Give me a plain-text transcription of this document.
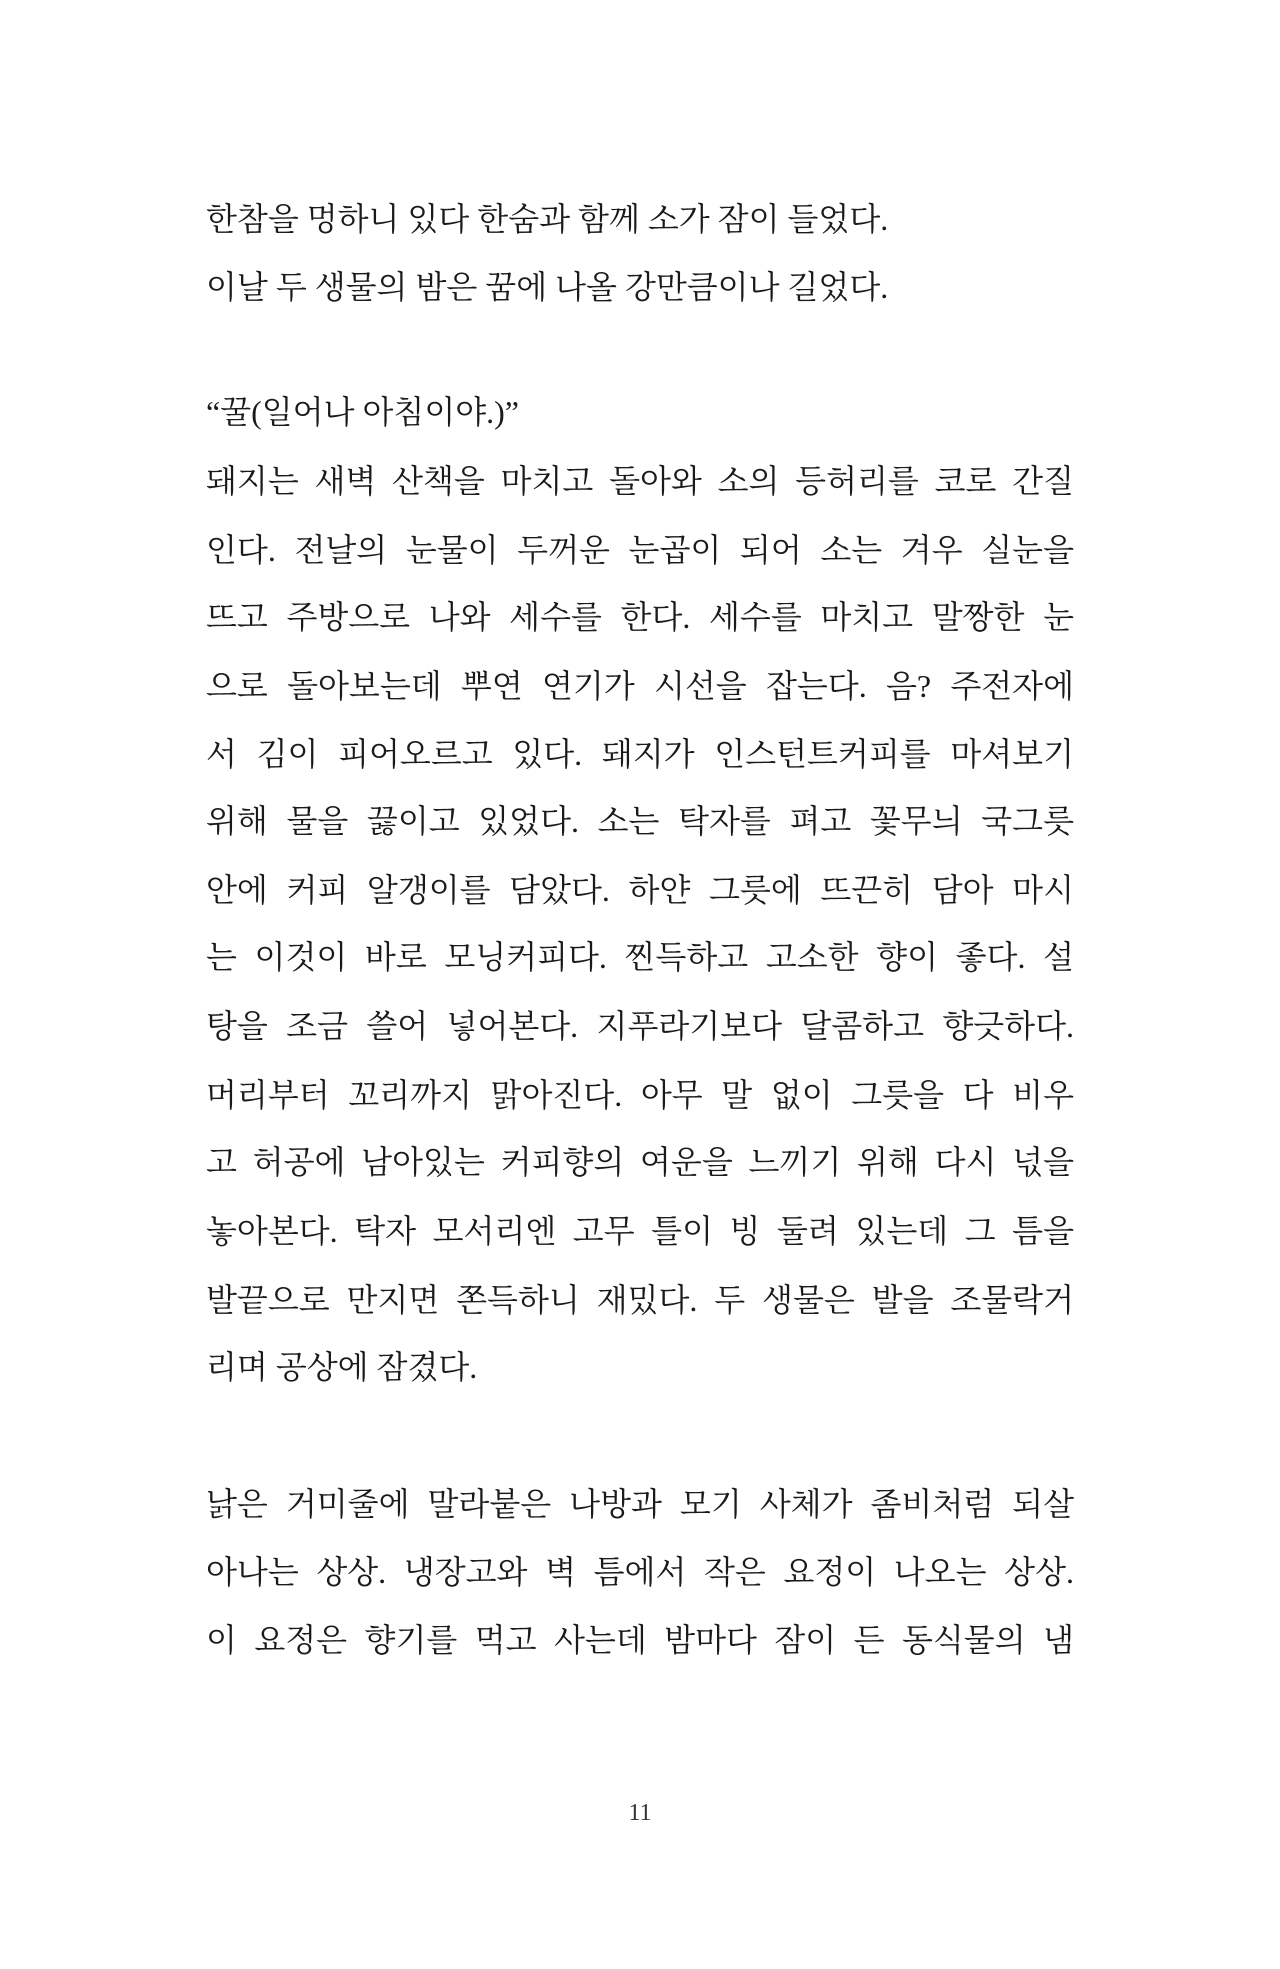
한참을 멍하니 있다 한숨과 함께 소가 잠이 들었다.
이날 두 생물의 밤은 꿈에 나올 강만큼이나 길었다.
“꿀(일어나 아침이야.)”
돼지는 새벽 산책을 마치고 돌아와 소의 등허리를 코로 간질
인다. 전날의 눈물이 두꺼운 눈곱이 되어 소는 겨우 실눈을
뜨고 주방으로 나와 세수를 한다. 세수를 마치고 말짱한 눈
으로 돌아보는데 뿌연 연기가 시선을 잡는다. 음? 주전자에
서 김이 피어오르고 있다. 돼지가 인스턴트커피를 마셔보기
위해 물을 끓이고 있었다. 소는 탁자를 펴고 꽃무늬 국그릇
안에 커피 알갱이를 담았다. 하얀 그릇에 뜨끈히 담아 마시
는 이것이 바로 모닝커피다. 찐득하고 고소한 향이 좋다. 설
탕을 조금 쓸어 넣어본다. 지푸라기보다 달콤하고 향긋하다.
머리부터 꼬리까지 맑아진다. 아무 말 없이 그릇을 다 비우
고 허공에 남아있는 커피향의 여운을 느끼기 위해 다시 넋을
놓아본다. 탁자 모서리엔 고무 틀이 빙 둘려 있는데 그 틈을
발끝으로 만지면 쫀득하니 재밌다. 두 생물은 발을 조물락거
리며 공상에 잠겼다.
낡은 거미줄에 말라붙은 나방과 모기 사체가 좀비처럼 되살
아나는 상상. 냉장고와 벽 틈에서 작은 요정이 나오는 상상.
이 요정은 향기를 먹고 사는데 밤마다 잠이 든 동식물의 냄
11
